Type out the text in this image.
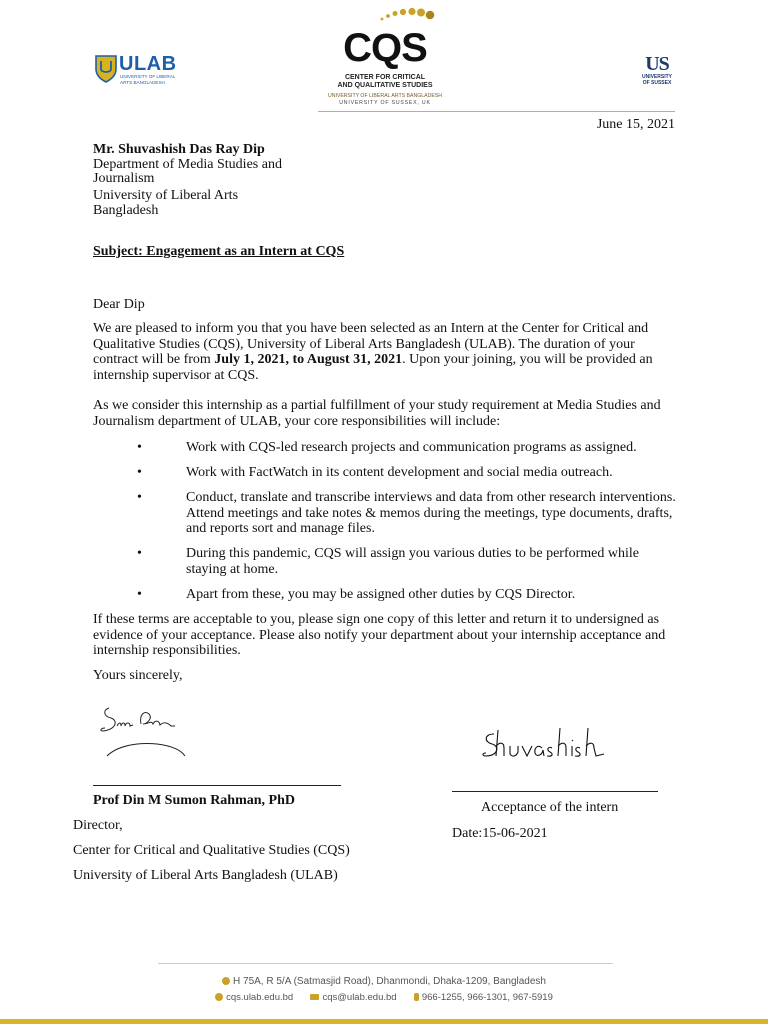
ULAB
UNIVERSITY OF LIBERAL ARTS BANGLADESH
CQS
CENTER FOR CRITICAL
AND QUALITATIVE STUDIES
UNIVERSITY OF LIBERAL ARTS BANGLADESH
UNIVERSITY OF SUSSEX, UK
US
UNIVERSITY
OF SUSSEX
June 15, 2021
Mr. Shuvashish Das Ray Dip
Department of Media Studies and
Journalism
University of Liberal Arts
Bangladesh
Subject: Engagement as an Intern at CQS
Dear Dip

We are pleased to inform you that you have been selected as an Intern at the Center for Critical and Qualitative Studies (CQS), University of Liberal Arts Bangladesh (ULAB). The duration of your contract will be from July 1, 2021, to August 31, 2021. Upon your joining, you will be provided an internship supervisor at CQS.

As we consider this internship as a partial fulfillment of your study requirement at Media Studies and Journalism department of ULAB, your core responsibilities will include:
•	Work with CQS-led research projects and communication programs as assigned.
•	Work with FactWatch in its content development and social media outreach.
•	Conduct, translate and transcribe interviews and data from other research interventions. Attend meetings and take notes & memos during the meetings, type documents, drafts, and reports sort and manage files.
•	During this pandemic, CQS will assign you various duties to be performed while staying at home.
•	Apart from these, you may be assigned other duties by CQS Director.
If these terms are acceptable to you, please sign one copy of this letter and return it to undersigned as evidence of your acceptance. Please also notify your department about your internship acceptance and internship responsibilities.
Yours sincerely,
Prof Din M Sumon Rahman, PhD
Director,
Center for Critical and Qualitative Studies (CQS)
University of Liberal Arts Bangladesh (ULAB)
Acceptance of the intern
Date:15-06-2021
H 75A, R 5/A (Satmasjid Road), Dhanmondi, Dhaka-1209, Bangladesh
cqs.ulab.edu.bd	cqs@ulab.edu.bd	966-1255, 966-1301, 967-5919
